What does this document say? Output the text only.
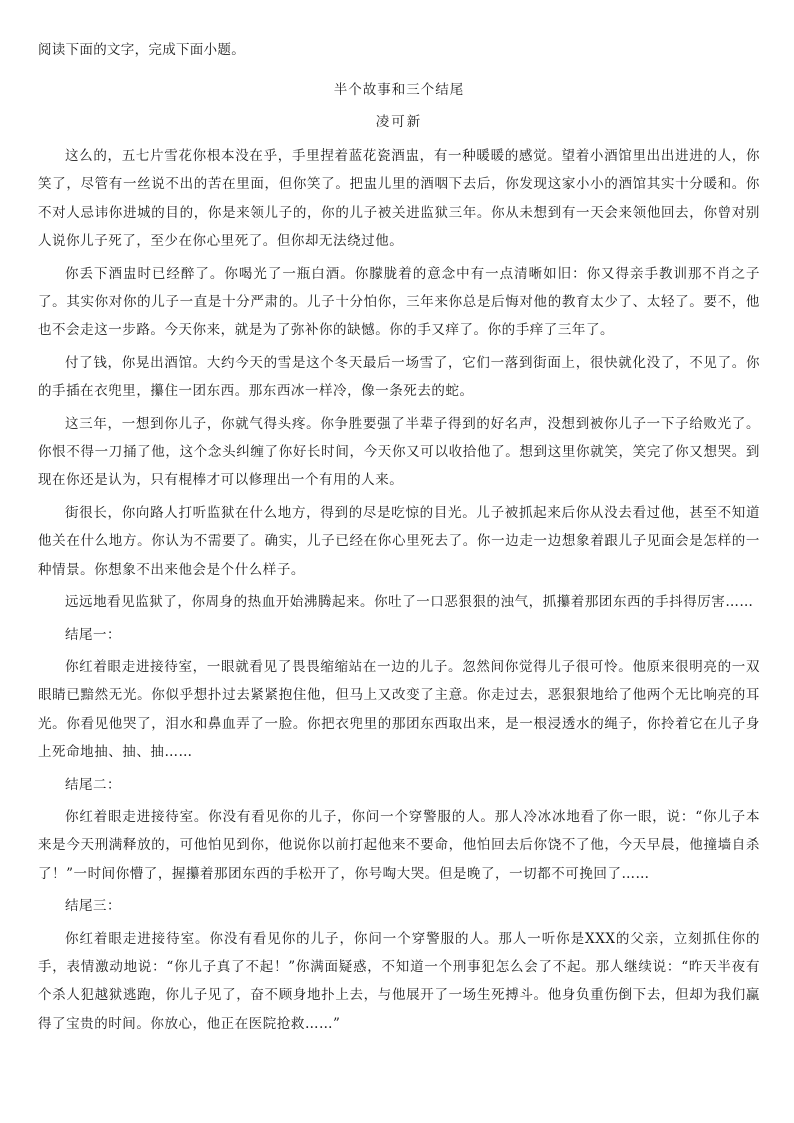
阅读下面的文字，完成下面小题。

半个故事和三个结尾

凌可新

这么的，五七片雪花你根本没在乎，手里捏着蓝花瓷酒盅，有一种暖暖的感觉。望着小酒馆里出出进进的人，你笑了，尽管有一丝说不出的苦在里面，但你笑了。把盅儿里的酒咽下去后，你发现这家小小的酒馆其实十分暖和。你不对人忌讳你进城的目的，你是来领儿子的，你的儿子被关进监狱三年。你从未想到有一天会来领他回去，你曾对别人说你儿子死了，至少在你心里死了。但你却无法绕过他。

你丢下酒盅时已经醉了。你喝光了一瓶白酒。你朦胧着的意念中有一点清晰如旧：你又得亲手教训那不肖之子了。其实你对你的儿子一直是十分严肃的。儿子十分怕你，三年来你总是后悔对他的教育太少了、太轻了。要不，他也不会走这一步路。今天你来，就是为了弥补你的缺憾。你的手又痒了。你的手痒了三年了。

付了钱，你晃出酒馆。大约今天的雪是这个冬天最后一场雪了，它们一落到街面上，很快就化没了，不见了。你的手插在衣兜里，攥住一团东西。那东西冰一样冷，像一条死去的蛇。

这三年，一想到你儿子，你就气得头疼。你争胜要强了半辈子得到的好名声，没想到被你儿子一下子给败光了。你恨不得一刀捅了他，这个念头纠缠了你好长时间，今天你又可以收拾他了。想到这里你就笑，笑完了你又想哭。到现在你还是认为，只有棍棒才可以修理出一个有用的人来。

街很长，你向路人打听监狱在什么地方，得到的尽是吃惊的目光。儿子被抓起来后你从没去看过他，甚至不知道他关在什么地方。你认为不需要了。确实，儿子已经在你心里死去了。你一边走一边想象着跟儿子见面会是怎样的一种情景。你想象不出来他会是个什么样子。

远远地看见监狱了，你周身的热血开始沸腾起来。你吐了一口恶狠狠的浊气，抓攥着那团东西的手抖得厉害……

结尾一：

你红着眼走进接待室，一眼就看见了畏畏缩缩站在一边的儿子。忽然间你觉得儿子很可怜。他原来很明亮的一双眼睛已黯然无光。你似乎想扑过去紧紧抱住他，但马上又改变了主意。你走过去，恶狠狠地给了他两个无比响亮的耳光。你看见他哭了，泪水和鼻血弄了一脸。你把衣兜里的那团东西取出来，是一根浸透水的绳子，你拎着它在儿子身上死命地抽、抽、抽……

结尾二：

你红着眼走进接待室。你没有看见你的儿子，你问一个穿警服的人。那人冷冰冰地看了你一眼，说：“你儿子本来是今天刑满释放的，可他怕见到你，他说你以前打起他来不要命，他怕回去后你饶不了他，今天早晨，他撞墙自杀了！”一时间你懵了，握攥着那团东西的手松开了，你号啕大哭。但是晚了，一切都不可挽回了……

结尾三：

你红着眼走进接待室。你没有看见你的儿子，你问一个穿警服的人。那人一听你是XXX的父亲，立刻抓住你的手，表情激动地说：“你儿子真了不起！”你满面疑惑，不知道一个刑事犯怎么会了不起。那人继续说：“昨天半夜有个杀人犯越狱逃跑，你儿子见了，奋不顾身地扑上去，与他展开了一场生死搏斗。他身负重伤倒下去，但却为我们赢得了宝贵的时间。你放心，他正在医院抢救……”
